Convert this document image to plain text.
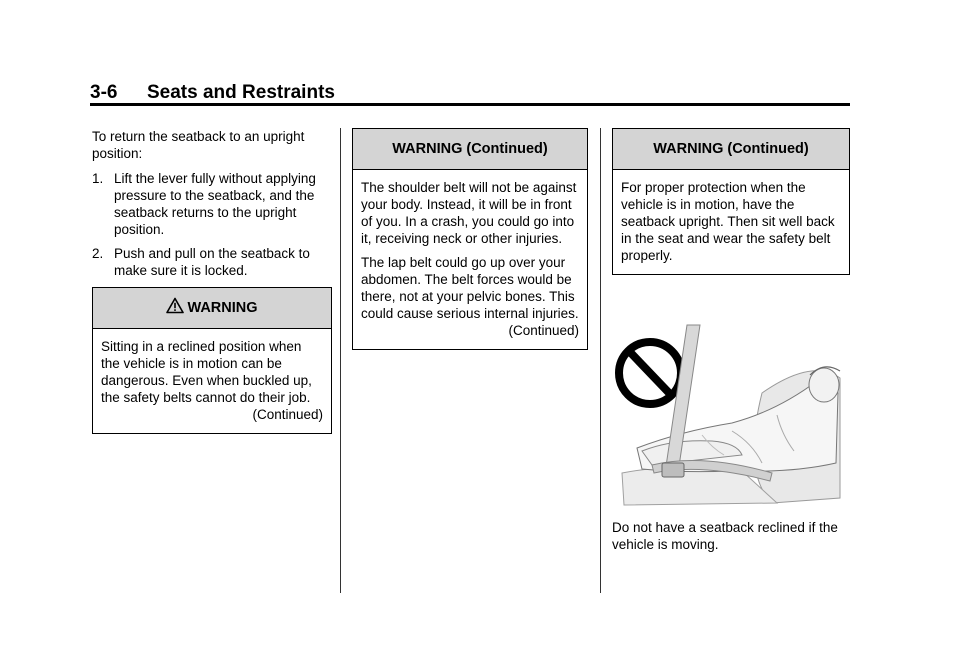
3-6 Seats and Restraints

To return the seatback to an upright position:

1. Lift the lever fully without applying pressure to the seatback, and the seatback returns to the upright position.
2. Push and pull on the seatback to make sure it is locked.
WARNING

Sitting in a reclined position when the vehicle is in motion can be dangerous. Even when buckled up, the safety belts cannot do their job.

(Continued)
WARNING (Continued)

The shoulder belt will not be against your body. Instead, it will be in front of you. In a crash, you could go into it, receiving neck or other injuries.

The lap belt could go up over your abdomen. The belt forces would be there, not at your pelvic bones. This could cause serious internal injuries.

(Continued)
WARNING (Continued)

For proper protection when the vehicle is in motion, have the seatback upright. Then sit well back in the seat and wear the safety belt properly.

Do not have a seatback reclined if the vehicle is moving.
